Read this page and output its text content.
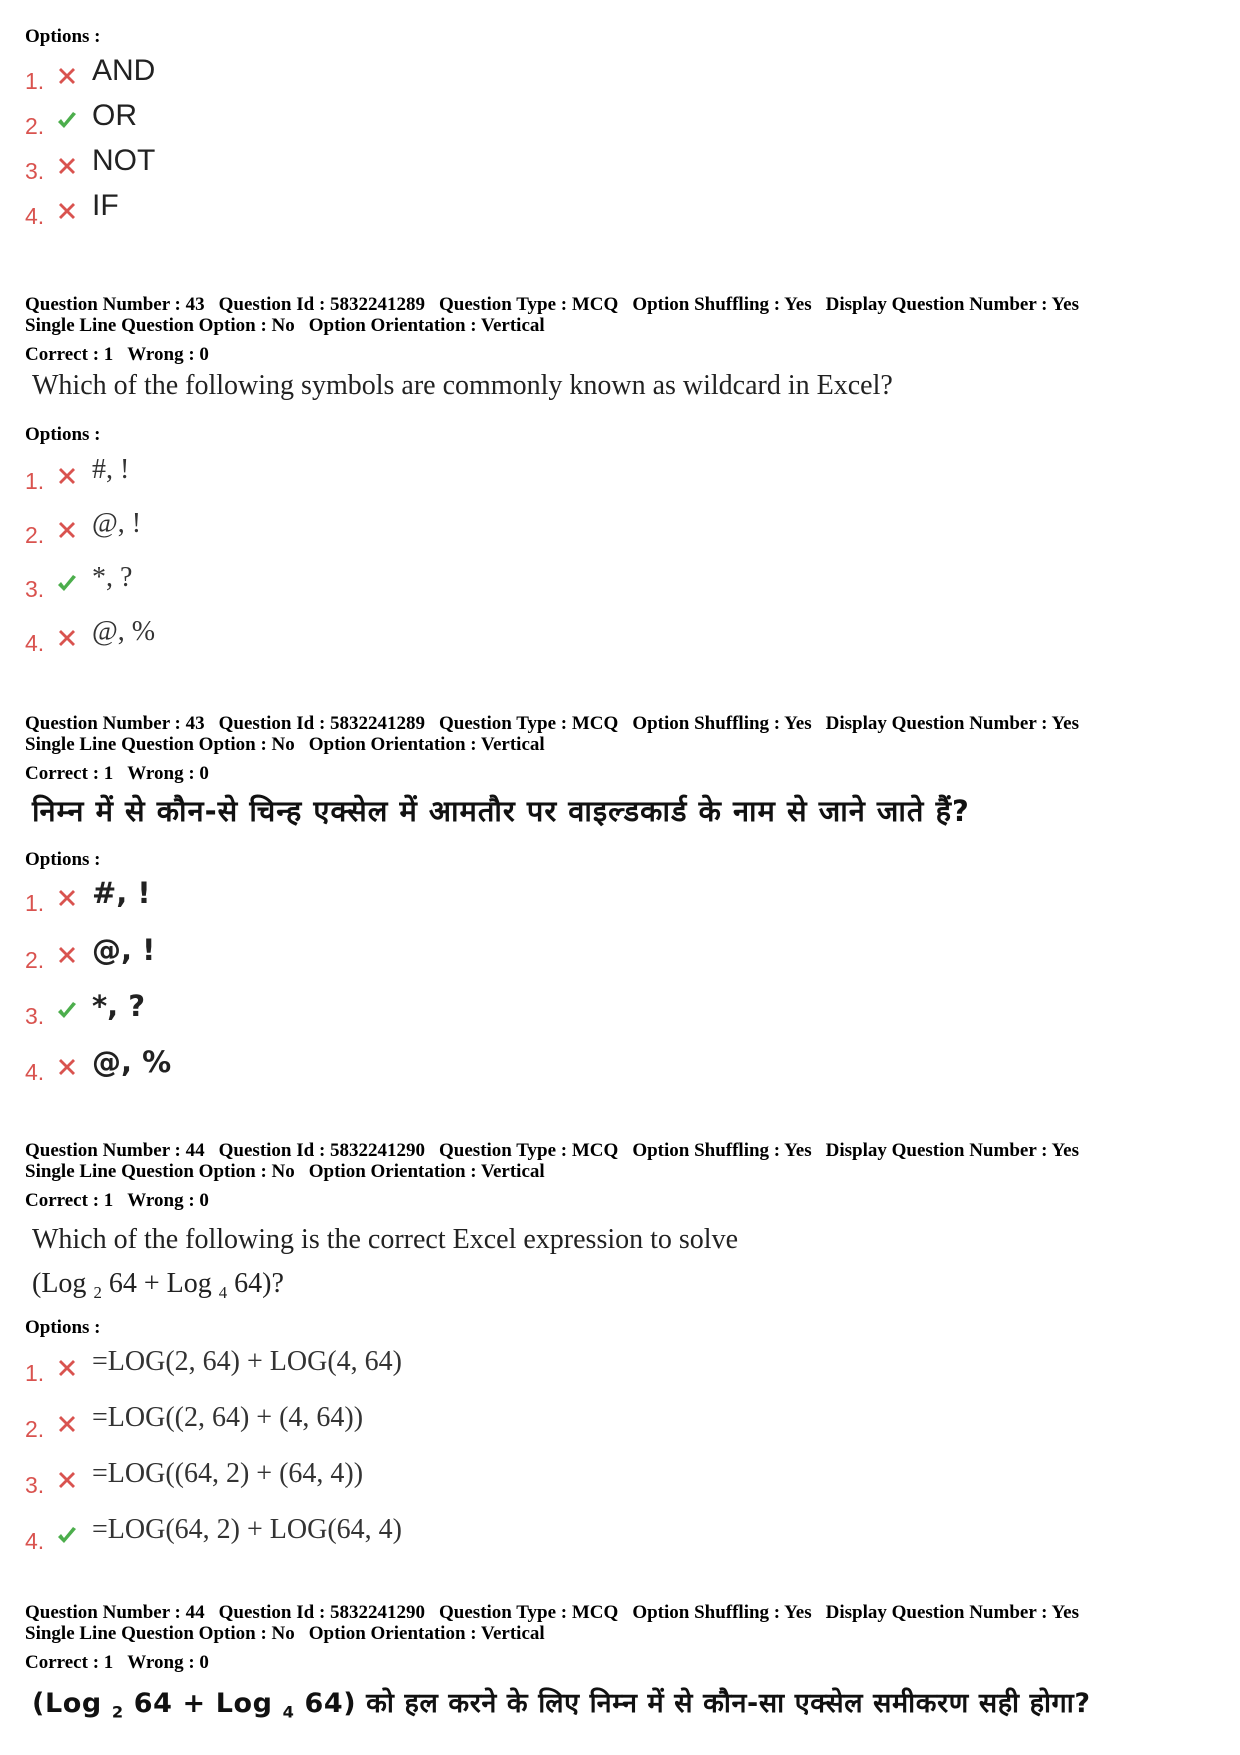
Options :
1. AND
2. OR
3. NOT
4. IF
Question Number : 43 Question Id : 5832241289 Question Type : MCQ Option Shuffling : Yes Display Question Number : Yes
Single Line Question Option : No Option Orientation : Vertical
Correct : 1 Wrong : 0
Which of the following symbols are commonly known as wildcard in Excel?
Options :
1. #, !
2. @, !
3. *, ?
4. @, %
Question Number : 43 Question Id : 5832241289 Question Type : MCQ Option Shuffling : Yes Display Question Number : Yes
Single Line Question Option : No Option Orientation : Vertical
Correct : 1 Wrong : 0
निम्न में से कौन-से चिन्ह एक्सेल में आमतौर पर वाइल्डकार्ड के नाम से जाने जाते हैं?
Options :
1. #, !
2. @, !
3. *, ?
4. @, %
Question Number : 44 Question Id : 5832241290 Question Type : MCQ Option Shuffling : Yes Display Question Number : Yes
Single Line Question Option : No Option Orientation : Vertical
Correct : 1 Wrong : 0
Which of the following is the correct Excel expression to solve
(Log $_2$ 64 + Log $_4$ 64)?
Options :
1. =LOG(2, 64) + LOG(4, 64)
2. =LOG((2, 64) + (4, 64))
3. =LOG((64, 2) + (64, 4))
4. =LOG(64, 2) + LOG(64, 4)
Question Number : 44 Question Id : 5832241290 Question Type : MCQ Option Shuffling : Yes Display Question Number : Yes
Single Line Question Option : No Option Orientation : Vertical
Correct : 1 Wrong : 0
(Log $_2$ 64 + Log $_4$ 64) को हल करने के लिए निम्न में से कौन-सा एक्सेल समीकरण सही होगा?
